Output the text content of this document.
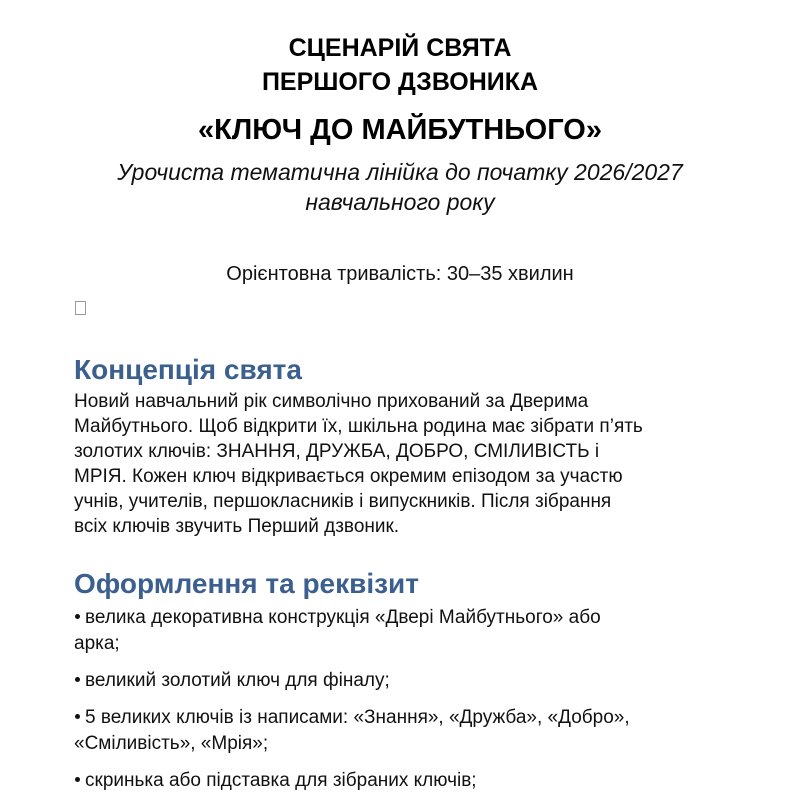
СЦЕНАРІЙ СВЯТА
ПЕРШОГО ДЗВОНИКА
«КЛЮЧ ДО МАЙБУТНЬОГО»
Урочиста тематична лінійка до початку 2026/2027
навчального року
Орієнтовна тривалість: 30–35 хвилин
Концепція свята
Новий навчальний рік символічно прихований за Дверима
Майбутнього. Щоб відкрити їх, шкільна родина має зібрати п’ять
золотих ключів: ЗНАННЯ, ДРУЖБА, ДОБРО, СМІЛИВІСТЬ і
МРІЯ. Кожен ключ відкривається окремим епізодом за участю
учнів, учителів, першокласників і випускників. Після зібрання
всіх ключів звучить Перший дзвоник.
Оформлення та реквізит
велика декоративна конструкція «Двері Майбутнього» або
арка;
великий золотий ключ для фіналу;
5 великих ключів із написами: «Знання», «Дружба», «Добро»,
«Сміливість», «Мрія»;
скринька або підставка для зібраних ключів;
